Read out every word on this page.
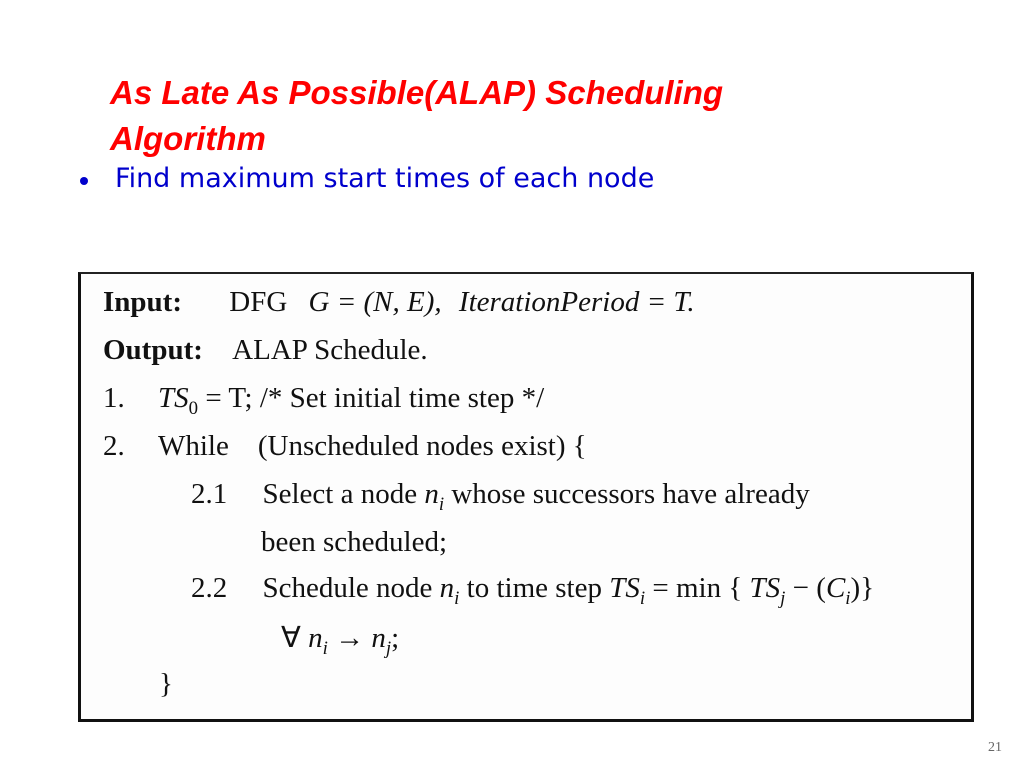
As Late As Possible(ALAP) Scheduling
Algorithm
Find maximum start times of each node
Input: DFG G = (N, E), IterationPeriod = T.
Output: ALAP Schedule.
1. $TS_0 = T$; /* Set initial time step */
2. While    (Unscheduled nodes exist) {
2.1 Select a node $n_i$ whose successors have already
been scheduled;
2.2 Schedule node $n_i$ to time step $TS_i = \min$ { $TS_j - (C_i)$}
∀ $n_i \to n_j$;
}
21
